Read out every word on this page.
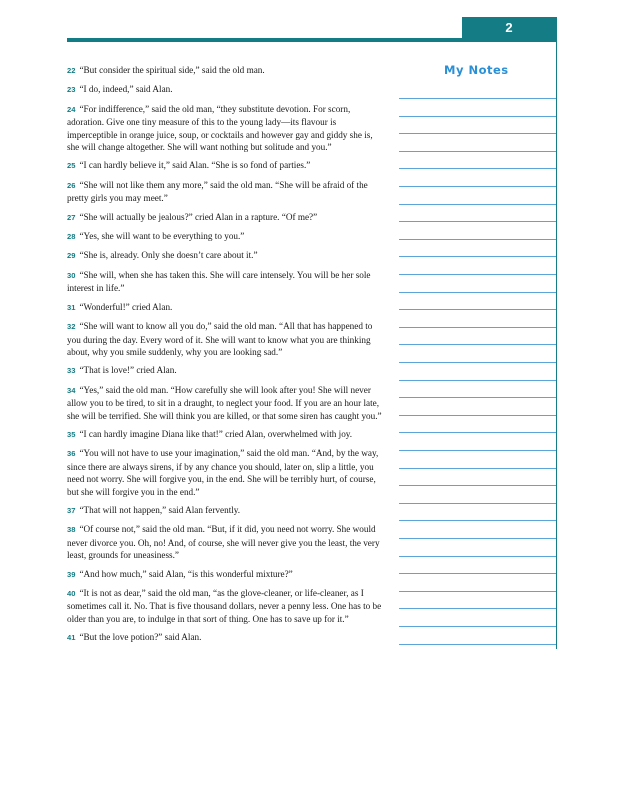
2

22 “But consider the spiritual side,” said the old man.

23 “I do, indeed,” said Alan.

24 “For indifference,” said the old man, “they substitute devotion. For scorn, adoration. Give one tiny measure of this to the young lady—its flavour is imperceptible in orange juice, soup, or cocktails and however gay and giddy she is, she will change altogether. She will want nothing but solitude and you.”

25 “I can hardly believe it,” said Alan. “She is so fond of parties.”

26 “She will not like them any more,” said the old man. “She will be afraid of the pretty girls you may meet.”

27 “She will actually be jealous?” cried Alan in a rapture. “Of me?”

28 “Yes, she will want to be everything to you.”

29 “She is, already. Only she doesn’t care about it.”

30 “She will, when she has taken this. She will care intensely. You will be her sole interest in life.”

31 “Wonderful!” cried Alan.

32 “She will want to know all you do,” said the old man. “All that has happened to you during the day. Every word of it. She will want to know what you are thinking about, why you smile suddenly, why you are looking sad.”

33 “That is love!” cried Alan.

34 “Yes,” said the old man. “How carefully she will look after you! She will never allow you to be tired, to sit in a draught, to neglect your food. If you are an hour late, she will be terrified. She will think you are killed, or that some siren has caught you.”

35 “I can hardly imagine Diana like that!” cried Alan, overwhelmed with joy.

36 “You will not have to use your imagination,” said the old man. “And, by the way, since there are always sirens, if by any chance you should, later on, slip a little, you need not worry. She will forgive you, in the end. She will be terribly hurt, of course, but she will forgive you in the end.”

37 “That will not happen,” said Alan fervently.

38 “Of course not,” said the old man. “But, if it did, you need not worry. She would never divorce you. Oh, no! And, of course, she will never give you the least, the very least, grounds for uneasiness.”

39 “And how much,” said Alan, “is this wonderful mixture?”

40 “It is not as dear,” said the old man, “as the glove-cleaner, or life-cleaner, as I sometimes call it. No. That is five thousand dollars, never a penny less. One has to be older than you are, to indulge in that sort of thing. One has to save up for it.”

41 “But the love potion?” said Alan.

My Notes
